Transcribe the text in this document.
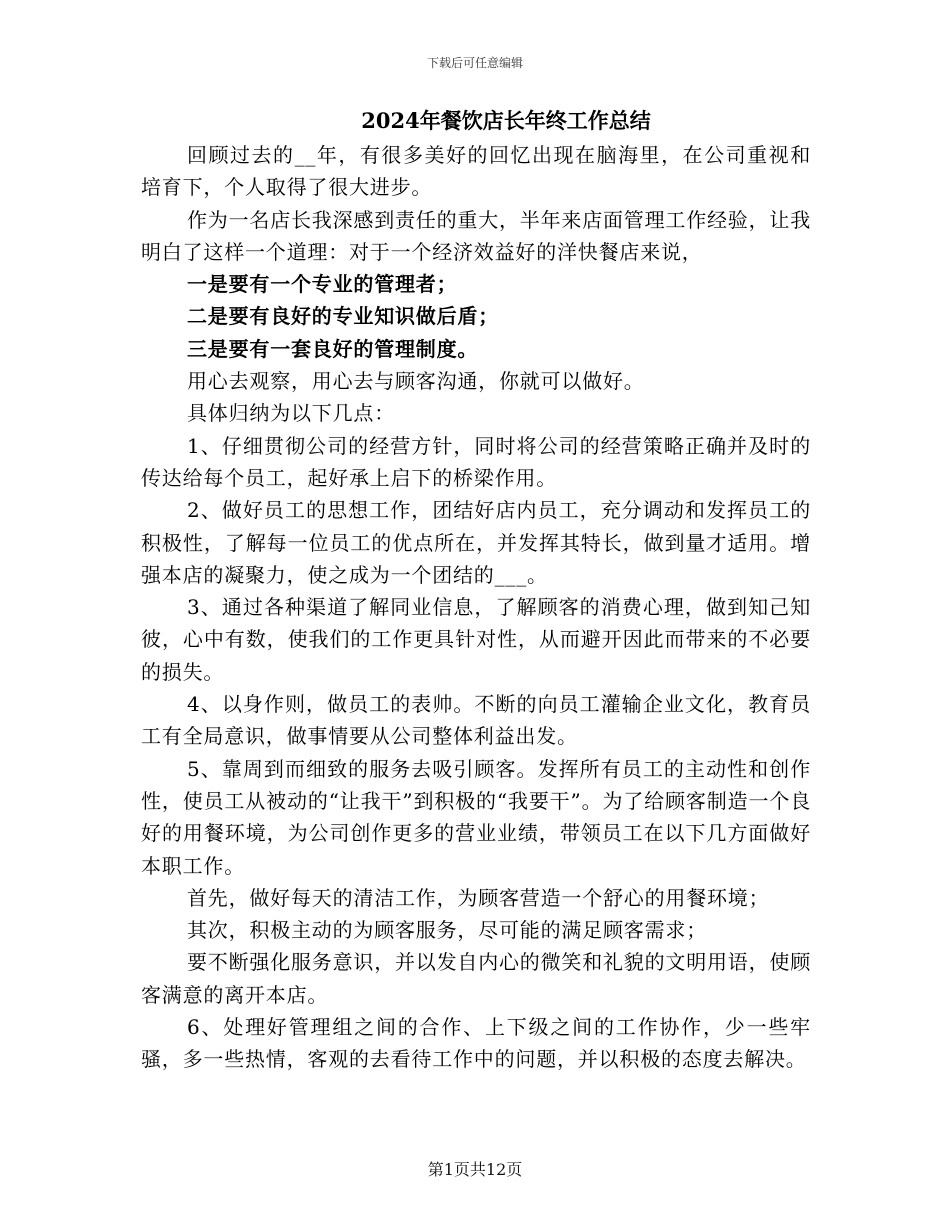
下载后可任意编辑
2024年餐饮店长年终工作总结

回顾过去的__年，有很多美好的回忆出现在脑海里，在公司重视和培育下，个人取得了很大进步。

作为一名店长我深感到责任的重大，半年来店面管理工作经验，让我明白了这样一个道理：对于一个经济效益好的洋快餐店来说，

一是要有一个专业的管理者；

二是要有良好的专业知识做后盾；

三是要有一套良好的管理制度。

用心去观察，用心去与顾客沟通，你就可以做好。

具体归纳为以下几点：

1、仔细贯彻公司的经营方针，同时将公司的经营策略正确并及时的传达给每个员工，起好承上启下的桥梁作用。

2、做好员工的思想工作，团结好店内员工，充分调动和发挥员工的积极性，了解每一位员工的优点所在，并发挥其特长，做到量才适用。增强本店的凝聚力，使之成为一个团结的___。

3、通过各种渠道了解同业信息，了解顾客的消费心理，做到知己知彼，心中有数，使我们的工作更具针对性，从而避开因此而带来的不必要的损失。

4、以身作则，做员工的表帅。不断的向员工灌输企业文化，教育员工有全局意识，做事情要从公司整体利益出发。

5、靠周到而细致的服务去吸引顾客。发挥所有员工的主动性和创作性，使员工从被动的“让我干”到积极的“我要干”。为了给顾客制造一个良好的用餐环境，为公司创作更多的营业业绩，带领员工在以下几方面做好本职工作。

首先，做好每天的清洁工作，为顾客营造一个舒心的用餐环境；

其次，积极主动的为顾客服务，尽可能的满足顾客需求；

要不断强化服务意识，并以发自内心的微笑和礼貌的文明用语，使顾客满意的离开本店。

6、处理好管理组之间的合作、上下级之间的工作协作，少一些牢骚，多一些热情，客观的去看待工作中的问题，并以积极的态度去解决。

第1页共12页
